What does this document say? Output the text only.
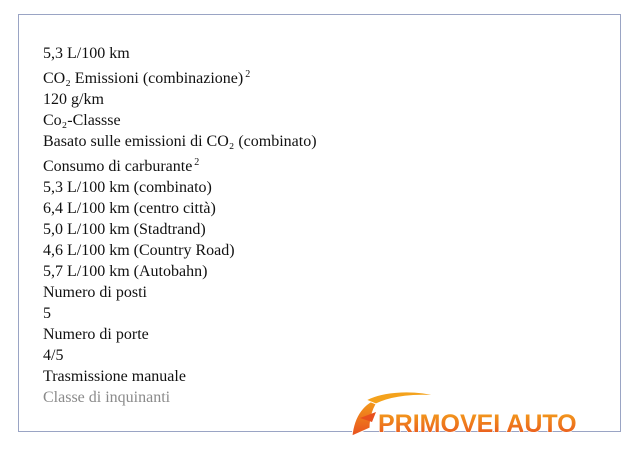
5,3 L/100 km
CO₂ Emissioni (combinazione) $^2$
120 g/km
Co₂-Classse
Basato sulle emissioni di CO₂ (combinato)
Consumo di carburante $^2$
5,3 L/100 km (combinato)
6,4 L/100 km (centro città)
5,0 L/100 km (Stadtrand)
4,6 L/100 km (Country Road)
5,7 L/100 km (Autobahn)
Numero di posti
5
Numero di porte
4/5
Trasmissione manuale
Classe di inquinanti
PRIMOVEI AUTO
